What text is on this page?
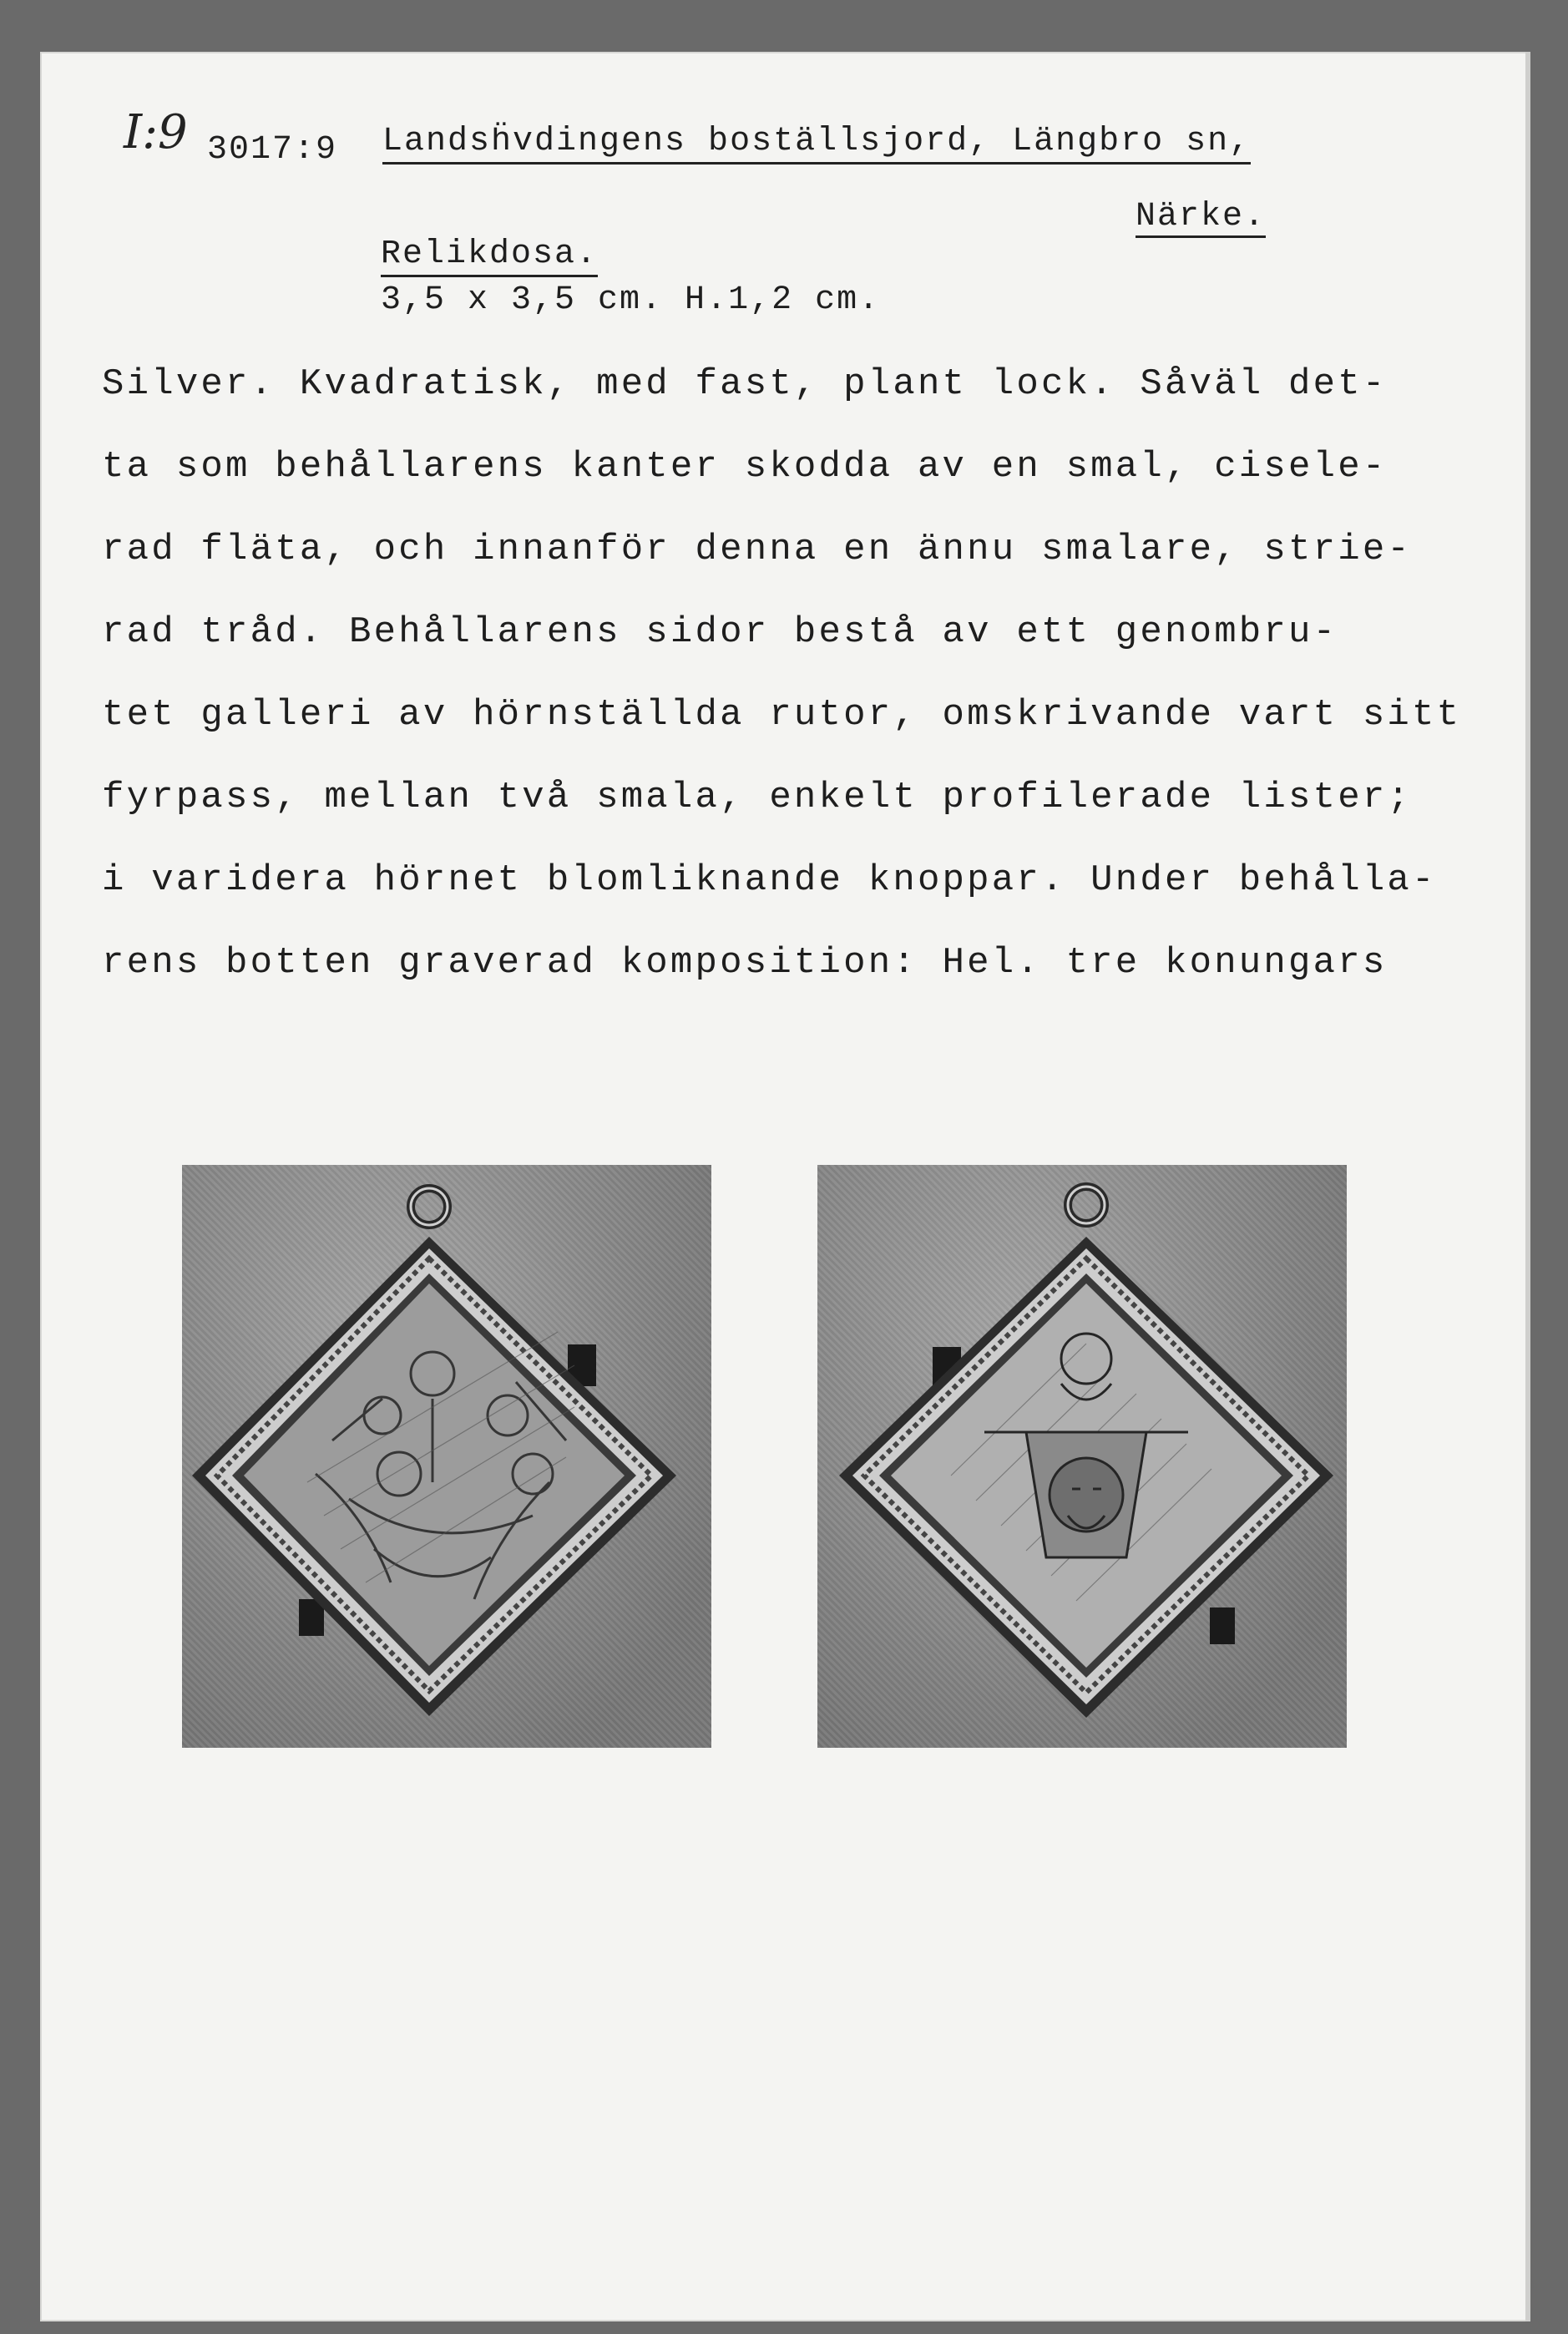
I:9 3017:9 Landsḧvdingens boställsjord, Längbro sn,
Närke.
Relikdosa.
3,5 x 3,5 cm. H.1,2 cm.
Silver. Kvadratisk, med fast, plant lock. Såväl det-
ta som behållarens kanter skodda av en smal, cisele-
rad fläta, och innanför denna en ännu smalare, strie-
rad tråd. Behållarens sidor bestå av ett genombru-
tet galleri av hörnställda rutor, omskrivande vart sitt
fyrpass, mellan två smala, enkelt profilerade lister;
i varidera hörnet blomliknande knoppar. Under behålla-
rens botten graverad komposition: Hel. tre konungars
